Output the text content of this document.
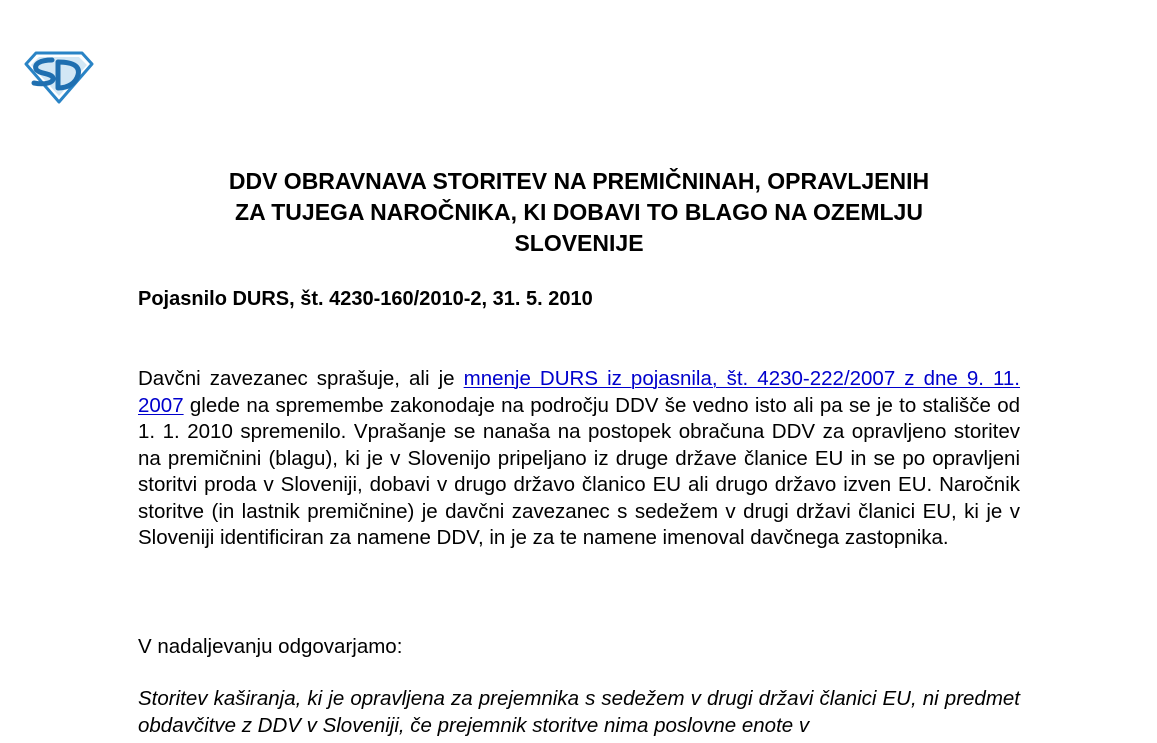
DDV OBRAVNAVA STORITEV NA PREMIČNINAH, OPRAVLJENIH
ZA TUJEGA NAROČNIKA, KI DOBAVI TO BLAGO NA OZEMLJU
SLOVENIJE

Pojasnilo DURS, št. 4230-160/2010-2, 31. 5. 2010

Davčni zavezanec sprašuje, ali je mnenje DURS iz pojasnila, št. 4230-222/2007 z dne 9. 11. 2007 glede na spremembe zakonodaje na področju DDV še vedno isto ali pa se je to stališče od 1. 1. 2010 spremenilo. Vprašanje se nanaša na postopek obračuna DDV za opravljeno storitev na premičnini (blagu), ki je v Slovenijo pripeljano iz druge države članice EU in se po opravljeni storitvi proda v Sloveniji, dobavi v drugo državo članico EU ali drugo državo izven EU. Naročnik storitve (in lastnik premičnine) je davčni zavezanec s sedežem v drugi državi članici EU, ki je v Sloveniji identificiran za namene DDV, in je za te namene imenoval davčnega zastopnika.

V nadaljevanju odgovarjamo:

Storitev kaširanja, ki je opravljena za prejemnika s sedežem v drugi državi članici EU, ni predmet obdavčitve z DDV v Sloveniji, če prejemnik storitve nima poslovne enote v
